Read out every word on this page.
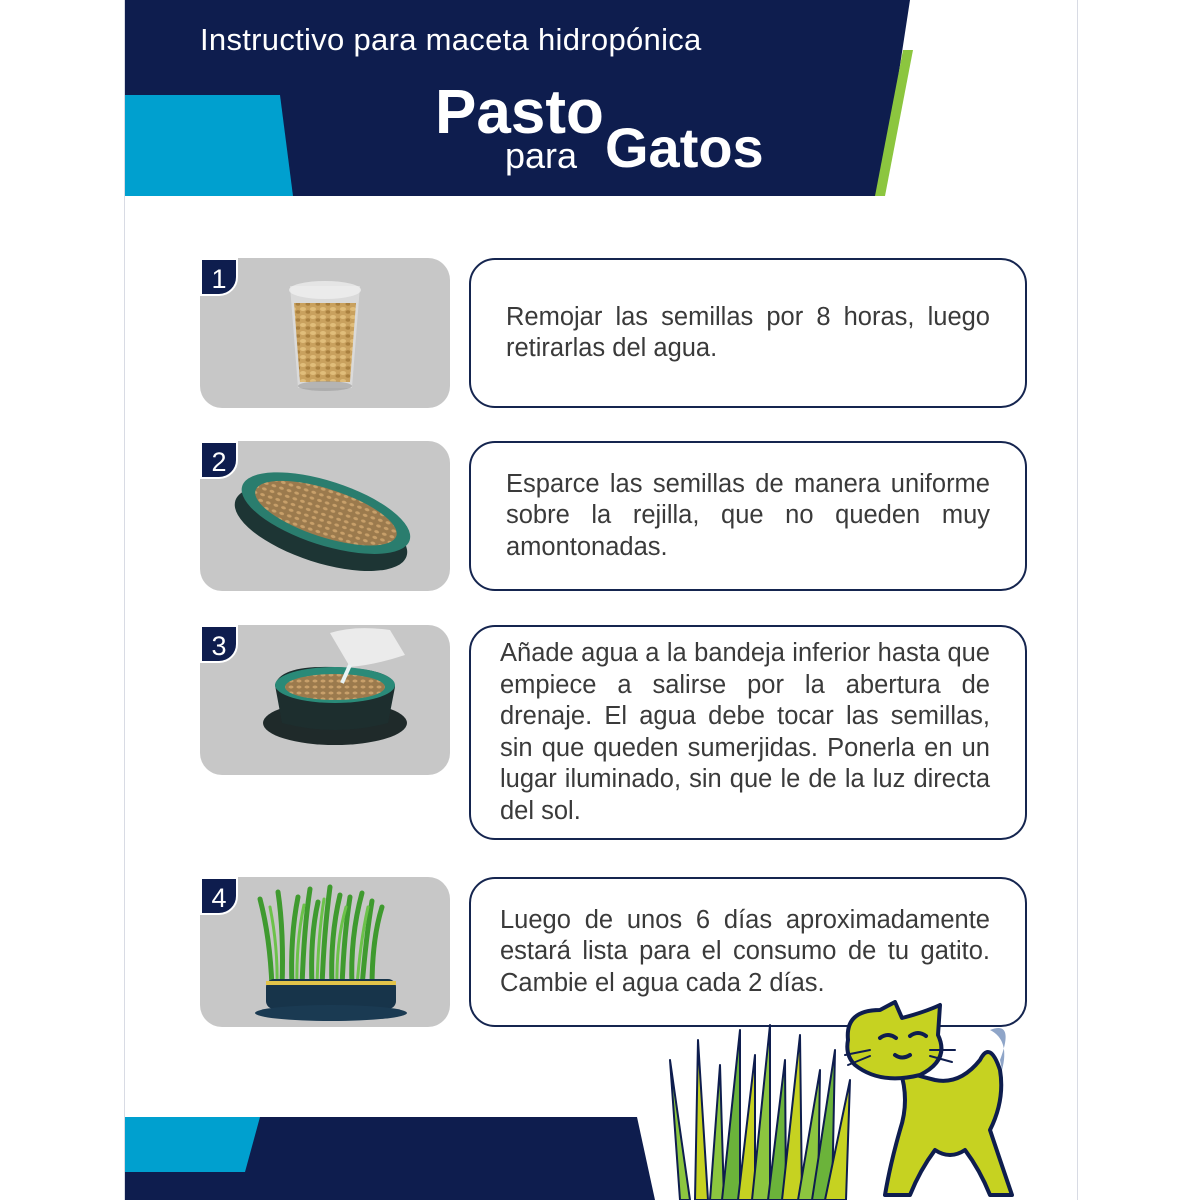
Instructivo para maceta hidropónica
Pasto
para Gatos
1

Remojar las semillas por 8 horas, luego retirarlas del agua.

2

Esparce las semillas de manera uniforme sobre la rejilla, que no queden muy amontonadas.

3	Añade agua a la bandeja inferior hasta que empiece a salirse por la abertura de drenaje. El agua debe tocar las semillas, sin que queden sumerjidas. Ponerla en un lugar iluminado, sin que le de la luz directa del sol.

4

Luego de unos 6 días aproximadamente estará lista para el consumo de tu gatito. Cambie el agua cada 2 días.
